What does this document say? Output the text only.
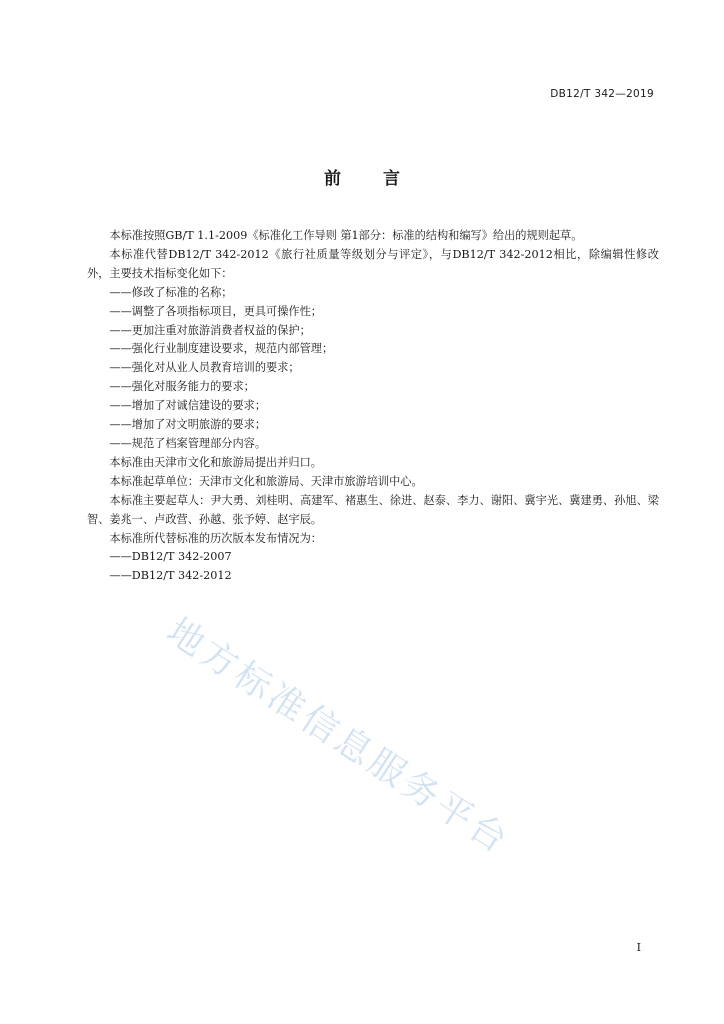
DB12/T 342—2019
前 言

本标准按照GB/T 1.1-2009《标准化工作导则 第1部分：标准的结构和编写》给出的规则起草。

本标准代替DB12/T 342-2012《旅行社质量等级划分与评定》，与DB12/T 342-2012相比，除编辑性修改外，主要技术指标变化如下：

——修改了标准的名称；

——调整了各项指标项目，更具可操作性；

——更加注重对旅游消费者权益的保护；

——强化行业制度建设要求，规范内部管理；

——强化对从业人员教育培训的要求；

——强化对服务能力的要求；

——增加了对诚信建设的要求；

——增加了对文明旅游的要求；

——规范了档案管理部分内容。

本标准由天津市文化和旅游局提出并归口。

本标准起草单位：天津市文化和旅游局、天津市旅游培训中心。

本标准主要起草人：尹大勇、刘桂明、高建军、褚惠生、徐进、赵泰、李力、谢阳、冀宇光、冀建勇、孙旭、梁智、姜兆一、卢政营、孙越、张予婷、赵宇辰。

本标准所代替标准的历次版本发布情况为：

——DB12/T 342-2007

——DB12/T 342-2012

地方标准信息服务平台
I
